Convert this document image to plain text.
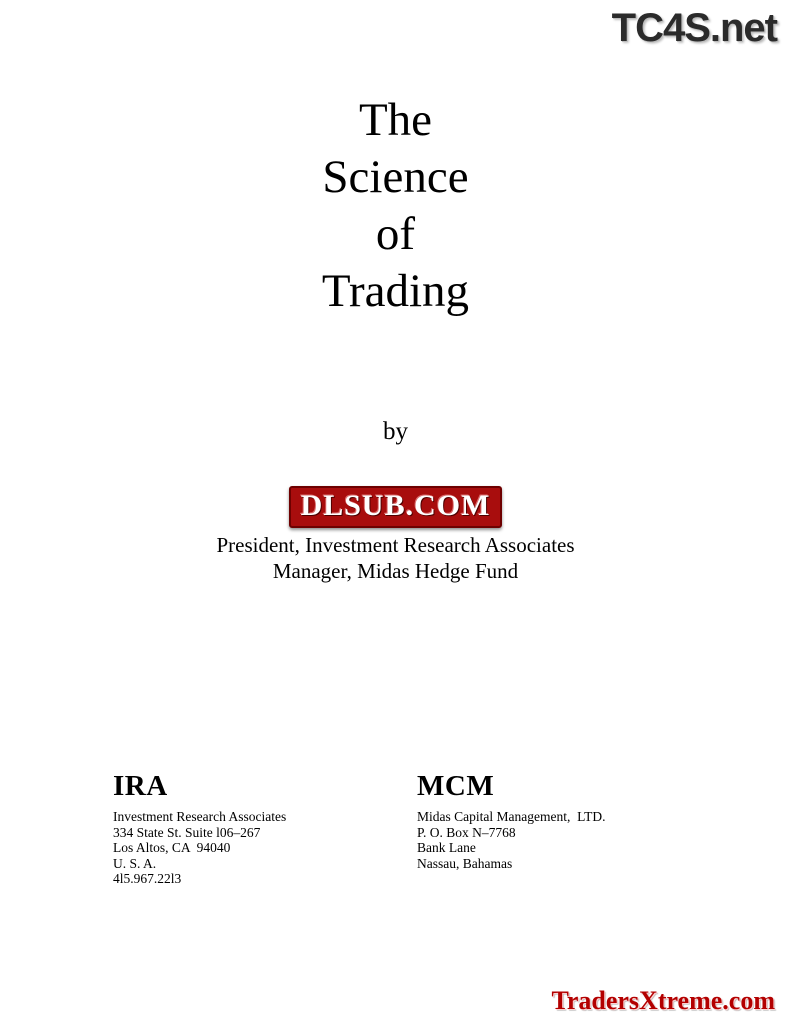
TC4S.net
The
Science
of
Trading
by
DLSUB.COM
President, Investment Research Associates
Manager, Midas Hedge Fund
IRA
Investment Research Associates
334 State St. Suite l06–267
Los Altos, CA  94040
U. S. A.
4l5.967.22l3
MCM
Midas Capital Management,  LTD.
P. O. Box N–7768
Bank Lane
Nassau, Bahamas
TradersXtreme.com
